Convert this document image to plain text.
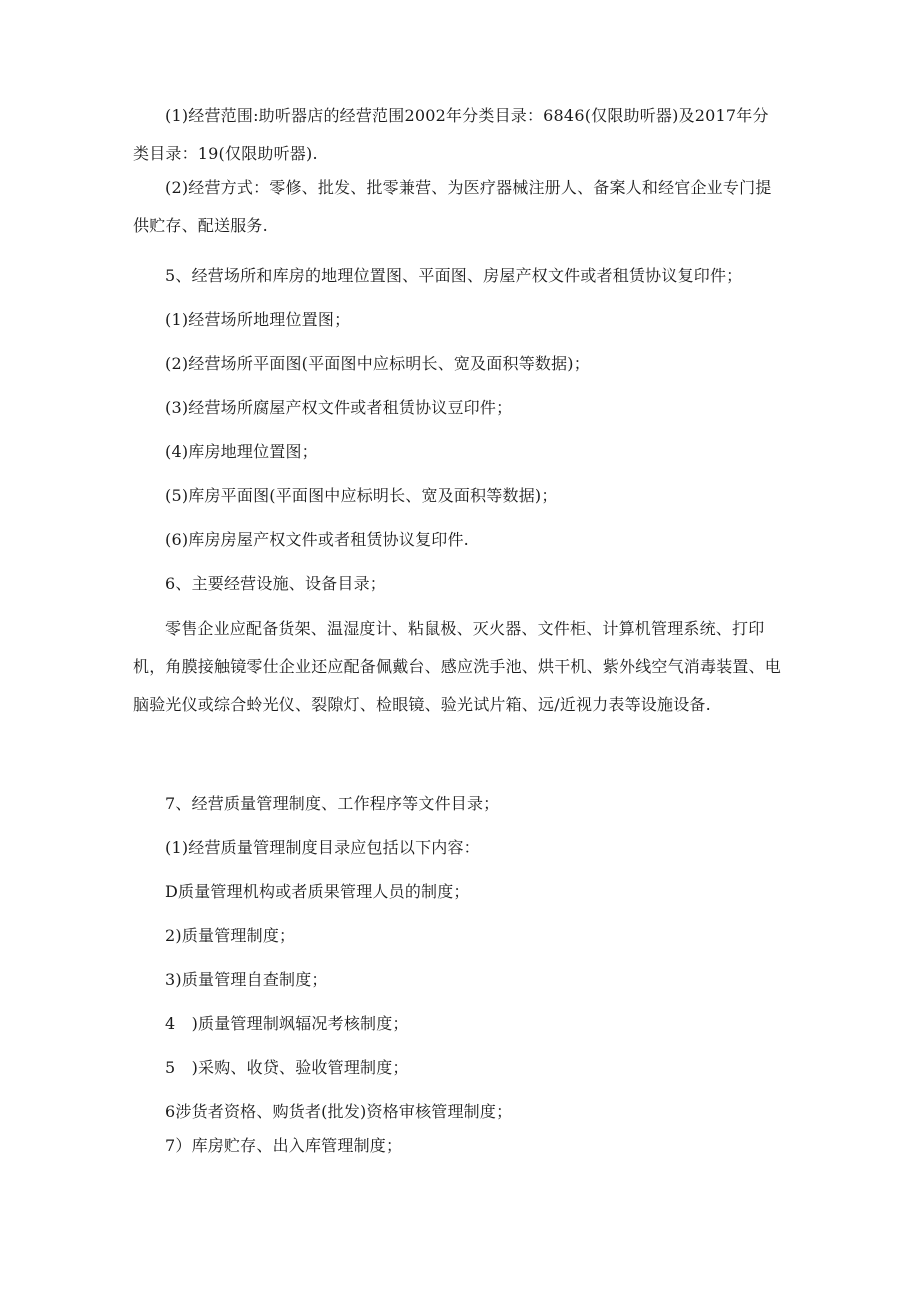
(1)经营范围:助听器店的经营范围2002年分类目录：6846(仅限助听器)及2017年分类目录：19(仅限助听器).
(2)经营方式：零修、批发、批零兼营、为医疗器械注册人、备案人和经官企业专门提供贮存、配送服务.
5、经营场所和库房的地理位置图、平面图、房屋产权文件或者租赁协议复印件；
(1)经营场所地理位置图；
(2)经营场所平面图(平面图中应标明长、宽及面积等数据)；
(3)经营场所腐屋产权文件或者租赁协议豆印件；
(4)库房地理位置图；
(5)库房平面图(平面图中应标明长、宽及面积等数据)；
(6)库房房屋产权文件或者租赁协议复印件.
6、主要经营设施、设备目录；
零售企业应配备货架、温湿度计、粘鼠极、灭火器、文件柜、计算机管理系统、打印机，角膜接触镜零仕企业还应配备佩戴台、感应洗手池、烘干机、紫外线空气消毒装置、电脑验光仪或综合蛉光仪、裂隙灯、检眼镜、验光试片箱、远/近视力表等设施设备.
7、经营质量管理制度、工作程序等文件目录；
(1)经营质量管理制度目录应包括以下内容：
D质量管理机构或者质果管理人员的制度；
2)质量管理制度；
3)质量管理自查制度；
4　)质量管理制飒辐况考核制度；
5　)采购、收贷、验收管理制度；
6涉货者资格、购货者(批发)资格审核管理制度；
7）库房贮存、出入库管理制度；
